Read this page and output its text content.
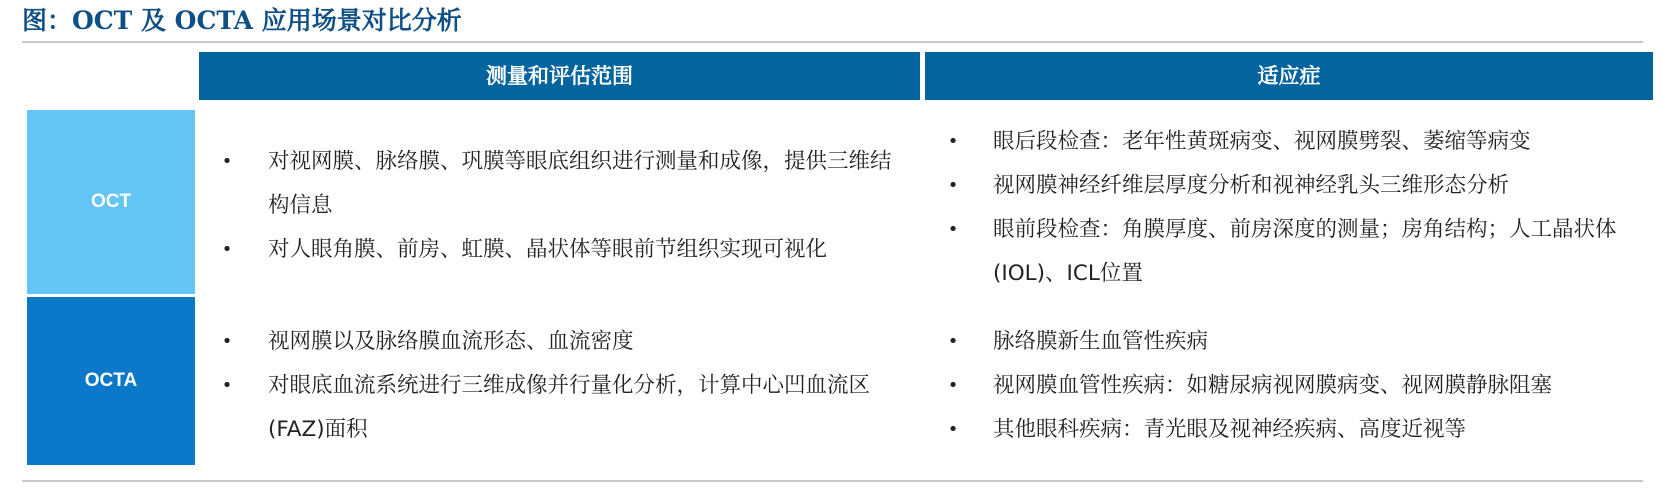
图：OCT 及 OCTA 应用场景对比分析
测量和评估范围	适应症
OCT
OCTA
• 对视网膜、脉络膜、巩膜等眼底组织进行测量和成像，提供三维结构信息
• 对人眼角膜、前房、虹膜、晶状体等眼前节组织实现可视化
• 眼后段检查：老年性黄斑病变、视网膜劈裂、萎缩等病变
• 视网膜神经纤维层厚度分析和视神经乳头三维形态分析
• 眼前段检查：角膜厚度、前房深度的测量；房角结构；人工晶状体(IOL)、ICL位置
• 视网膜以及脉络膜血流形态、血流密度
• 对眼底血流系统进行三维成像并行量化分析，计算中心凹血流区(FAZ)面积
• 脉络膜新生血管性疾病
• 视网膜血管性疾病：如糖尿病视网膜病变、视网膜静脉阻塞
• 其他眼科疾病：青光眼及视神经疾病、高度近视等
